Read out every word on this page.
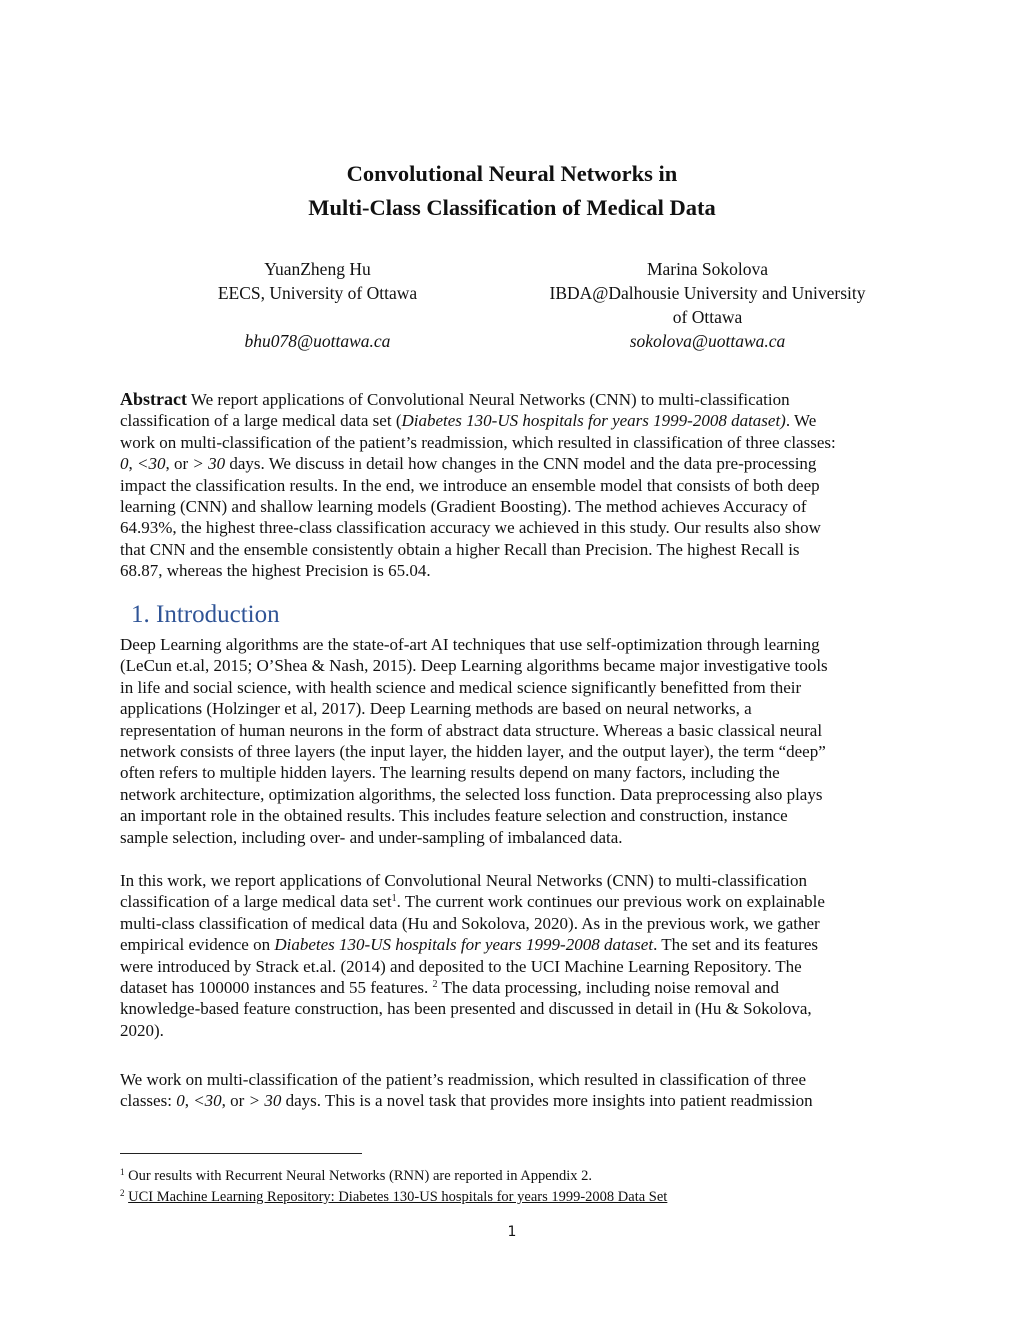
Convolutional Neural Networks in
Multi-Class Classification of Medical Data
YuanZheng Hu
EECS, University of Ottawa
bhu078@uottawa.ca
Marina Sokolova
IBDA@Dalhousie University and University
of Ottawa
sokolova@uottawa.ca
Abstract We report applications of Convolutional Neural Networks (CNN) to multi-classification
classification of a large medical data set (Diabetes 130-US hospitals for years 1999-2008 dataset). We
work on multi-classification of the patient’s readmission, which resulted in classification of three classes:
0, <30, or > 30 days. We discuss in detail how changes in the CNN model and the data pre-processing
impact the classification results. In the end, we introduce an ensemble model that consists of both deep
learning (CNN) and shallow learning models (Gradient Boosting). The method achieves Accuracy of
64.93%, the highest three-class classification accuracy we achieved in this study. Our results also show
that CNN and the ensemble consistently obtain a higher Recall than Precision. The highest Recall is
68.87, whereas the highest Precision is 65.04.
1. Introduction
Deep Learning algorithms are the state-of-art AI techniques that use self-optimization through learning
(LeCun et.al, 2015; O’Shea & Nash, 2015). Deep Learning algorithms became major investigative tools
in life and social science, with health science and medical science significantly benefitted from their
applications (Holzinger et al, 2017). Deep Learning methods are based on neural networks, a
representation of human neurons in the form of abstract data structure. Whereas a basic classical neural
network consists of three layers (the input layer, the hidden layer, and the output layer), the term “deep”
often refers to multiple hidden layers. The learning results depend on many factors, including the
network architecture, optimization algorithms, the selected loss function. Data preprocessing also plays
an important role in the obtained results. This includes feature selection and construction, instance
sample selection, including over- and under-sampling of imbalanced data.
In this work, we report applications of Convolutional Neural Networks (CNN) to multi-classification
classification of a large medical data set$^1$. The current work continues our previous work on explainable
multi-class classification of medical data (Hu and Sokolova, 2020). As in the previous work, we gather
empirical evidence on Diabetes 130-US hospitals for years 1999-2008 dataset. The set and its features
were introduced by Strack et.al. (2014) and deposited to the UCI Machine Learning Repository. The
dataset has 100000 instances and 55 features. $^2$ The data processing, including noise removal and
knowledge-based feature construction, has been presented and discussed in detail in (Hu & Sokolova,
2020).
We work on multi-classification of the patient’s readmission, which resulted in classification of three
classes: 0, <30, or > 30 days. This is a novel task that provides more insights into patient readmission
$^1$ Our results with Recurrent Neural Networks (RNN) are reported in Appendix 2.
$^2$ UCI Machine Learning Repository: Diabetes 130-US hospitals for years 1999-2008 Data Set
1
